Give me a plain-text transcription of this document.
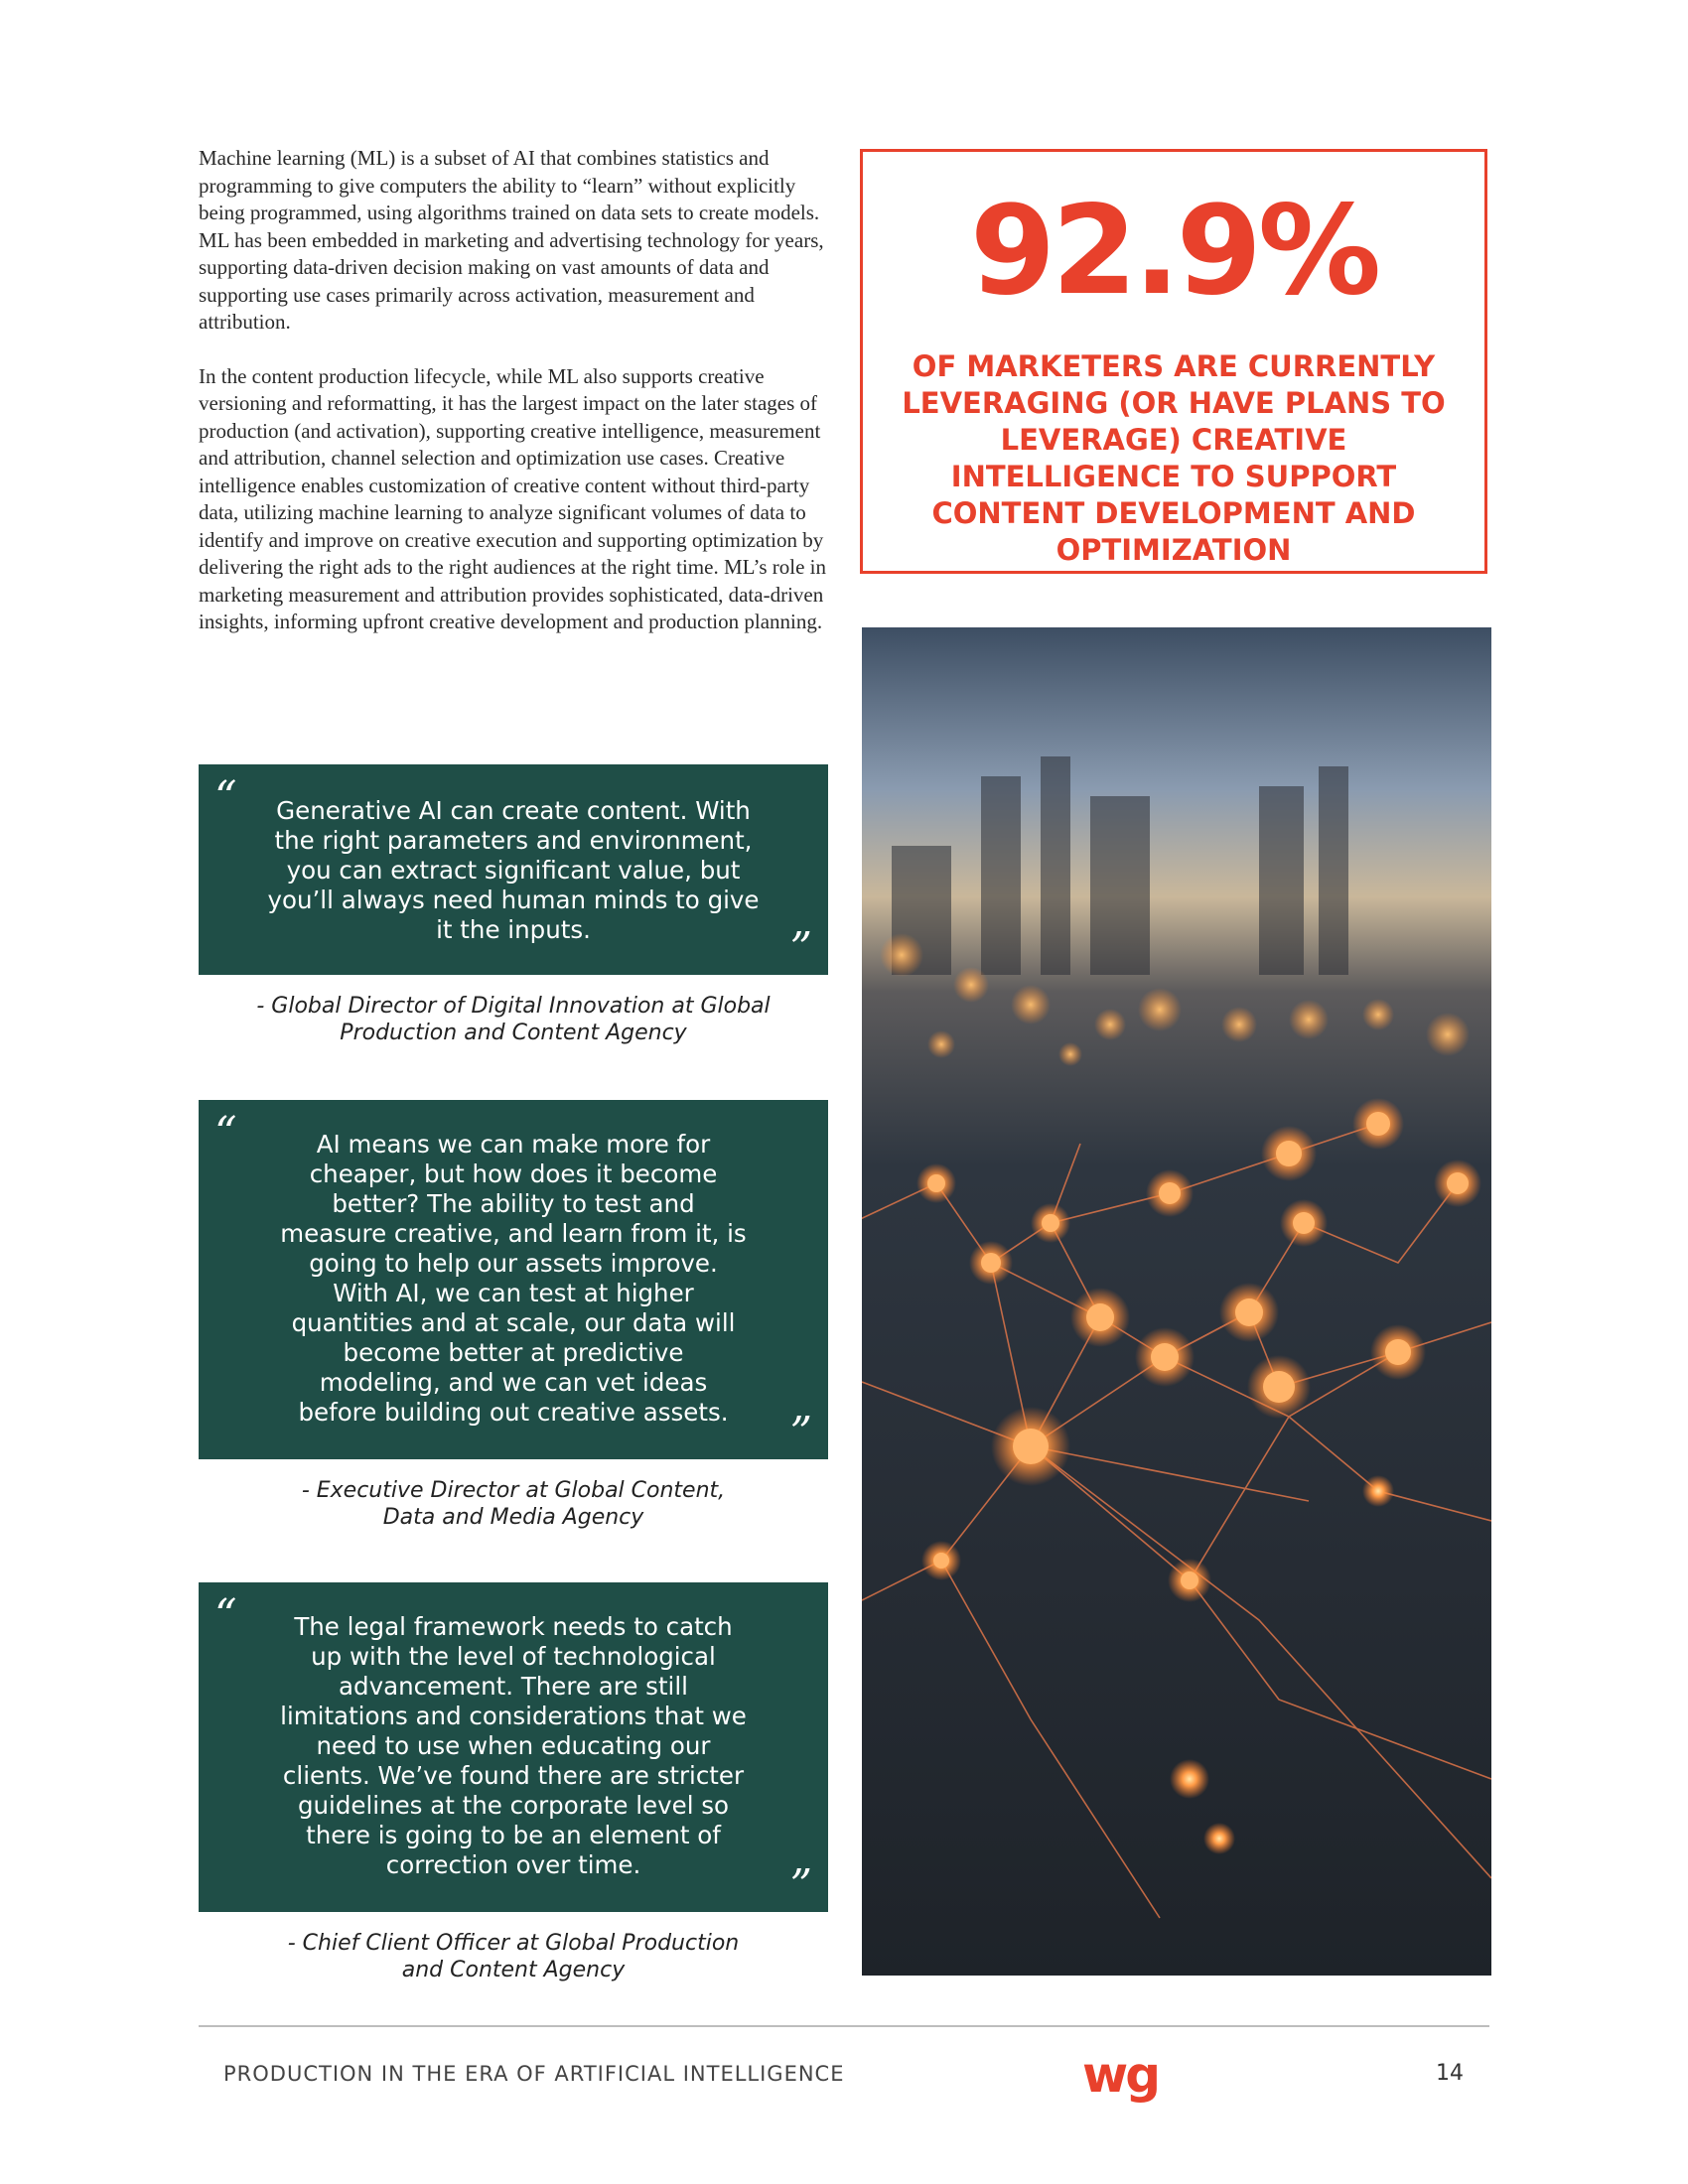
Machine learning (ML) is a subset of AI that combines statistics and programming to give computers the ability to “learn” without explicitly being programmed, using algorithms trained on data sets to create models. ML has been embedded in marketing and advertising technology for years, supporting data-driven decision making on vast amounts of data and supporting use cases primarily across activation, measurement and attribution.

In the content production lifecycle, while ML also supports creative versioning and reformatting, it has the largest impact on the later stages of production (and activation), supporting creative intelligence, measurement and attribution, channel selection and optimization use cases. Creative intelligence enables customization of creative content without third-party data, utilizing machine learning to analyze significant volumes of data to identify and improve on creative execution and supporting optimization by delivering the right ads to the right audiences at the right time. ML’s role in marketing measurement and attribution provides sophisticated, data-driven insights, informing upfront creative development and production planning.

92.9%
OF MARKETERS ARE CURRENTLY LEVERAGING (OR HAVE PLANS TO LEVERAGE) CREATIVE INTELLIGENCE TO SUPPORT CONTENT DEVELOPMENT AND OPTIMIZATION
“	Generative AI can create content. With the right parameters and environment, you can extract significant value, but you’ll always need human minds to give it the inputs.	”
- Global Director of Digital Innovation at Global Production and Content Agency
“	AI means we can make more for cheaper, but how does it become better? The ability to test and measure creative, and learn from it, is going to help our assets improve. With AI, we can test at higher quantities and at scale, our data will become better at predictive modeling, and we can vet ideas before building out creative assets.	”
- Executive Director at Global Content, Data and Media Agency
“	The legal framework needs to catch up with the level of technological advancement. There are still limitations and considerations that we need to use when educating our clients. We’ve found there are stricter guidelines at the corporate level so there is going to be an element of correction over time.	”
- Chief Client Officer at Global Production and Content Agency
PRODUCTION IN THE ERA OF ARTIFICIAL INTELLIGENCE	wg	14
